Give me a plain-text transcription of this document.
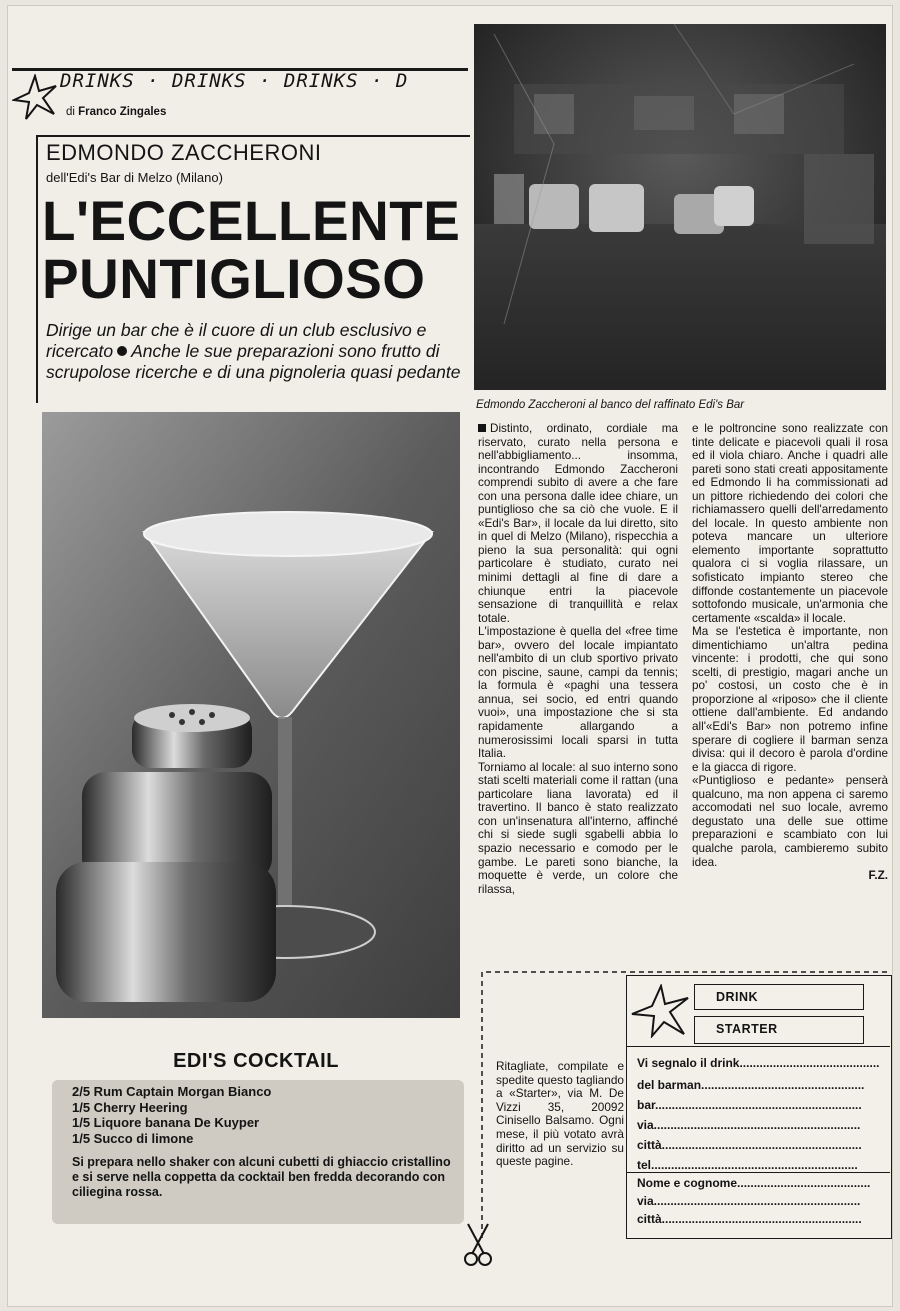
DRINKS · DRINKS · DRINKS · D
di Franco Zingales
Edmondo Zaccheroni al banco del raffinato Edi's Bar
EDMONDO ZACCHERONI
dell'Edi's Bar di Melzo (Milano)
L'ECCELLENTE
PUNTIGLIOSO
Dirige un bar che è il cuore di un club esclusivo e ricercato Anche le sue preparazioni sono frutto di scrupolose ricerche e di una pignoleria quasi pedante

Distinto, ordinato, cordiale ma riservato, curato nella persona e nell'abbigliamento... insomma, incontrando Edmondo Zaccheroni comprendi subito di avere a che fare con una persona dalle idee chiare, un puntiglioso che sa ciò che vuole. E il «Edi's Bar», il locale da lui diretto, sito in quel di Melzo (Milano), rispecchia a pieno la sua personalità: qui ogni particolare è studiato, curato nei minimi dettagli al fine di dare a chiunque entri la piacevole sensazione di tranquillità e relax totale.

L'impostazione è quella del «free time bar», ovvero del locale impiantato nell'ambito di un club sportivo privato con piscine, saune, campi da tennis; la formula è «paghi una tessera annua, sei socio, ed entri quando vuoi», una impostazione che si sta rapidamente allargando a numerosissimi locali sparsi in tutta Italia.

Torniamo al locale: al suo interno sono stati scelti materiali come il rattan (una particolare liana lavorata) ed il travertino. Il banco è stato realizzato con un'insenatura all'interno, affinché chi si siede sugli sgabelli abbia lo spazio necessario e comodo per le gambe. Le pareti sono bianche, la moquette è verde, un colore che rilassa,

e le poltroncine sono realizzate con tinte delicate e piacevoli quali il rosa ed il viola chiaro. Anche i quadri alle pareti sono stati creati appositamente ed Edmondo li ha commissionati ad un pittore richiedendo dei colori che richiamassero quelli dell'arredamento del locale. In questo ambiente non poteva mancare un ulteriore elemento importante soprattutto qualora ci si voglia rilassare, un sofisticato impianto stereo che diffonde costantemente un piacevole sottofondo musicale, un'armonia che certamente «scalda» il locale.

Ma se l'estetica è importante, non dimentichiamo un'altra pedina vincente: i prodotti, che qui sono scelti, di prestigio, magari anche un po' costosi, un costo che è in proporzione al «riposo» che il cliente ottiene dall'ambiente. Ed andando all'«Edi's Bar» non potremo infine sperare di cogliere il barman senza divisa: qui il decoro è parola d'ordine e la giacca di rigore.

«Puntiglioso e pedante» penserà qualcuno, ma non appena ci saremo accomodati nel suo locale, avremo degustato una delle sue ottime preparazioni e scambiato con lui qualche parola, cambieremo subito idea.

F.Z.

EDI'S COCKTAIL
2/5 Rum Captain Morgan Bianco
1/5 Cherry Heering
1/5 Liquore banana De Kuyper
1/5 Succo di limone
Si prepara nello shaker con alcuni cubetti di ghiaccio cristallino e si serve nella coppetta da cocktail ben fredda decorando con ciliegina rossa.
Ritagliate, compilate e spedite questo tagliando a «Starter», via M. De Vizzi 35, 20092 Cinisello Balsamo. Ogni mese, il più votato avrà diritto ad un servizio su queste pagine.
DRINK
STARTER
Vi segnalo il drink..........................................
del barman.................................................
bar..............................................................
via..............................................................
città............................................................
tel..............................................................
Nome e cognome........................................
via..............................................................
città............................................................
